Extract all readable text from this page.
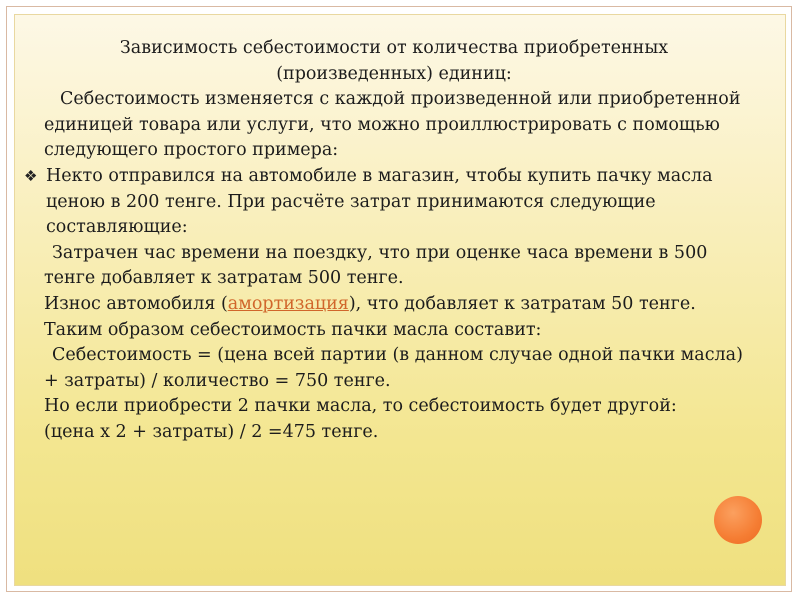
Зависимость себестоимости от количества приобретенных
(произведенных) единиц:
Себестоимость изменяется с каждой произведенной или приобретенной
единицей товара или услуги, что можно проиллюстрировать с помощью
следующего простого примера:
❖ Некто отправился на автомобиле в магазин, чтобы купить пачку масла
ценою в 200 тенге. При расчёте затрат принимаются следующие
составляющие:
Затрачен час времени на поездку, что при оценке часа времени в 500
тенге добавляет к затратам 500 тенге.
Износ автомобиля (амортизация), что добавляет к затратам 50 тенге.
Таким образом себестоимость пачки масла составит:
Себестоимость = (цена всей партии (в данном случае одной пачки масла)
+ затраты) / количество = 750 тенге.
Но если приобрести 2 пачки масла, то себестоимость будет другой:
(цена х 2 + затраты) / 2 =475 тенге.
